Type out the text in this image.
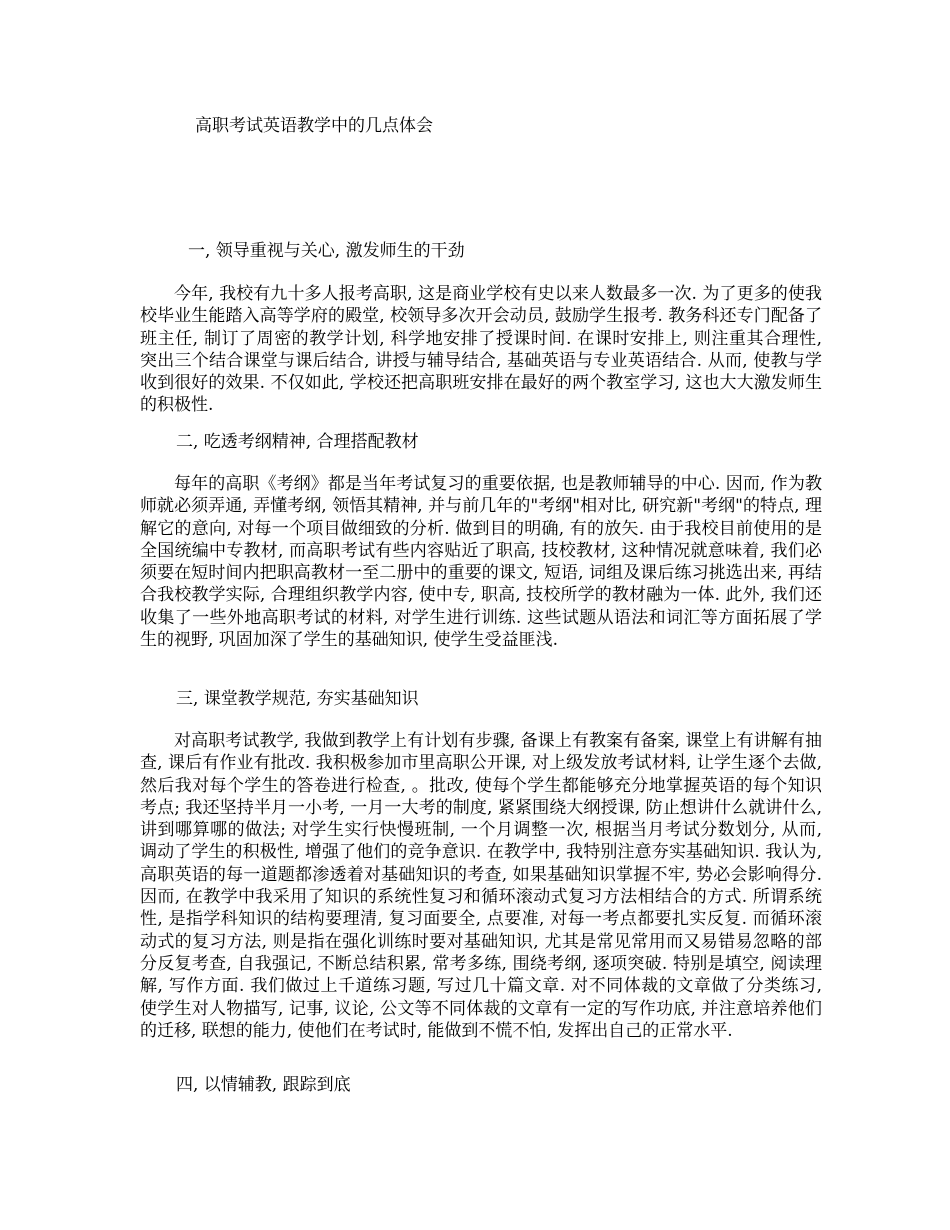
高职考试英语教学中的几点体会
一, 领导重视与关心, 激发师生的干劲

今年, 我校有九十多人报考高职, 这是商业学校有史以来人数最多一次. 为了更多的使我校毕业生能踏入高等学府的殿堂, 校领导多次开会动员, 鼓励学生报考. 教务科还专门配备了班主任, 制订了周密的教学计划, 科学地安排了授课时间. 在课时安排上, 则注重其合理性, 突出三个结合课堂与课后结合, 讲授与辅导结合, 基础英语与专业英语结合. 从而, 使教与学收到很好的效果. 不仅如此, 学校还把高职班安排在最好的两个教室学习, 这也大大激发师生的积极性.

二, 吃透考纲精神, 合理搭配教材

每年的高职《考纲》都是当年考试复习的重要依据, 也是教师辅导的中心. 因而, 作为教师就必须弄通, 弄懂考纲, 领悟其精神, 并与前几年的"考纲"相对比, 研究新"考纲"的特点, 理解它的意向, 对每一个项目做细致的分析. 做到目的明确, 有的放矢. 由于我校目前使用的是全国统编中专教材, 而高职考试有些内容贴近了职高, 技校教材, 这种情况就意味着, 我们必须要在短时间内把职高教材一至二册中的重要的课文, 短语, 词组及课后练习挑选出来, 再结合我校教学实际, 合理组织教学内容, 使中专, 职高, 技校所学的教材融为一体. 此外, 我们还收集了一些外地高职考试的材料, 对学生进行训练. 这些试题从语法和词汇等方面拓展了学生的视野, 巩固加深了学生的基础知识, 使学生受益匪浅.

三, 课堂教学规范, 夯实基础知识

对高职考试教学, 我做到教学上有计划有步骤, 备课上有教案有备案, 课堂上有讲解有抽查, 课后有作业有批改. 我积极参加市里高职公开课, 对上级发放考试材料, 让学生逐个去做, 然后我对每个学生的答卷进行检查, 。批改, 使每个学生都能够充分地掌握英语的每个知识考点; 我还坚持半月一小考, 一月一大考的制度, 紧紧围绕大纲授课, 防止想讲什么就讲什么, 讲到哪算哪的做法; 对学生实行快慢班制, 一个月调整一次, 根据当月考试分数划分, 从而, 调动了学生的积极性, 增强了他们的竞争意识. 在教学中, 我特别注意夯实基础知识. 我认为, 高职英语的每一道题都渗透着对基础知识的考查, 如果基础知识掌握不牢, 势必会影响得分. 因而, 在教学中我采用了知识的系统性复习和循环滚动式复习方法相结合的方式. 所谓系统性, 是指学科知识的结构要理清, 复习面要全, 点要准, 对每一考点都要扎实反复. 而循环滚动式的复习方法, 则是指在强化训练时要对基础知识, 尤其是常见常用而又易错易忽略的部分反复考查, 自我强记, 不断总结积累, 常考多练, 围绕考纲, 逐项突破. 特别是填空, 阅读理解, 写作方面. 我们做过上千道练习题, 写过几十篇文章. 对不同体裁的文章做了分类练习, 使学生对人物描写, 记事, 议论, 公文等不同体裁的文章有一定的写作功底, 并注意培养他们的迁移, 联想的能力, 使他们在考试时, 能做到不慌不怕, 发挥出自己的正常水平.

四, 以情辅教, 跟踪到底
